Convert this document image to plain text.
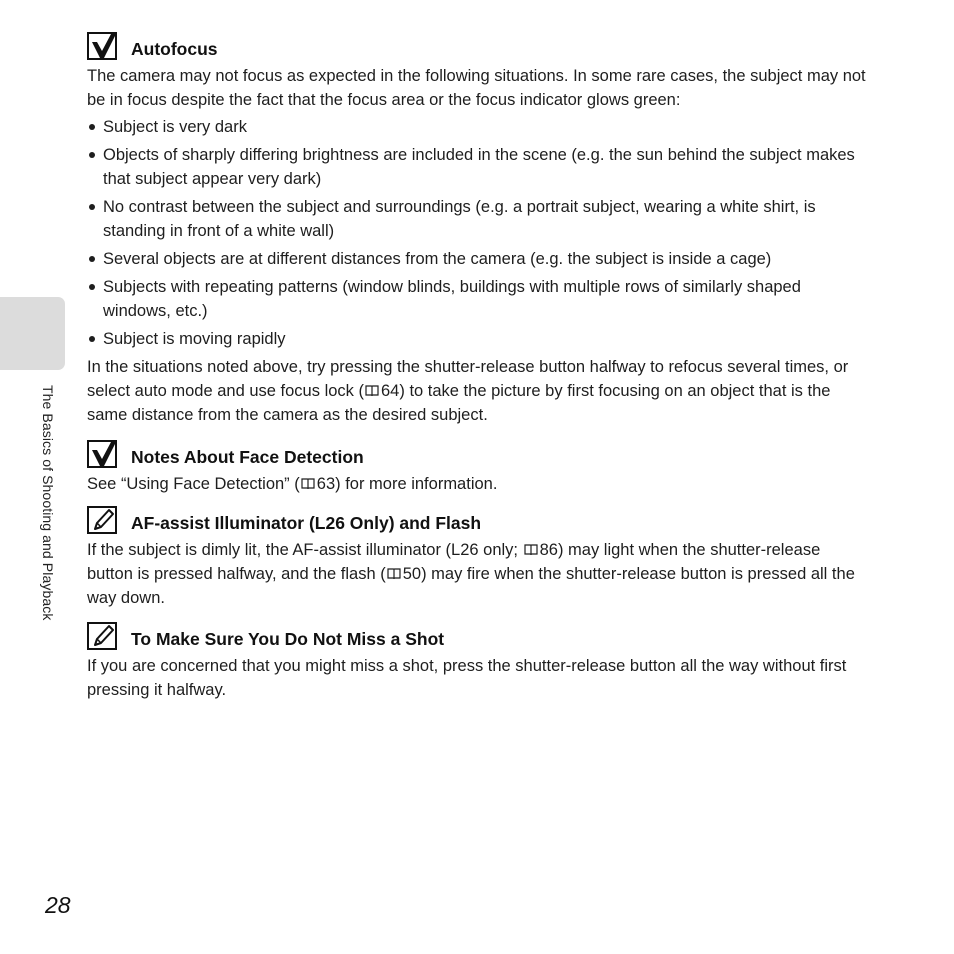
The Basics of Shooting and Playback
28
Autofocus

The camera may not focus as expected in the following situations. In some rare cases, the subject may not be in focus despite the fact that the focus area or the focus indicator glows green:

Subject is very dark
Objects of sharply differing brightness are included in the scene (e.g. the sun behind the subject makes that subject appear very dark)
No contrast between the subject and surroundings (e.g. a portrait subject, wearing a white shirt, is standing in front of a white wall)
Several objects are at different distances from the camera (e.g. the subject is inside a cage)
Subjects with repeating patterns (window blinds, buildings with multiple rows of similarly shaped windows, etc.)
Subject is moving rapidly

In the situations noted above, try pressing the shutter-release button halfway to refocus several times, or select auto mode and use focus lock ( 64) to take the picture by first focusing on an object that is the same distance from the camera as the desired subject.

Notes About Face Detection

See “Using Face Detection” ( 63) for more information.

AF-assist Illuminator (L26 Only) and Flash

If the subject is dimly lit, the AF-assist illuminator (L26 only; 86) may light when the shutter-release button is pressed halfway, and the flash ( 50) may fire when the shutter-release button is pressed all the way down.

To Make Sure You Do Not Miss a Shot

If you are concerned that you might miss a shot, press the shutter-release button all the way without first pressing it halfway.
